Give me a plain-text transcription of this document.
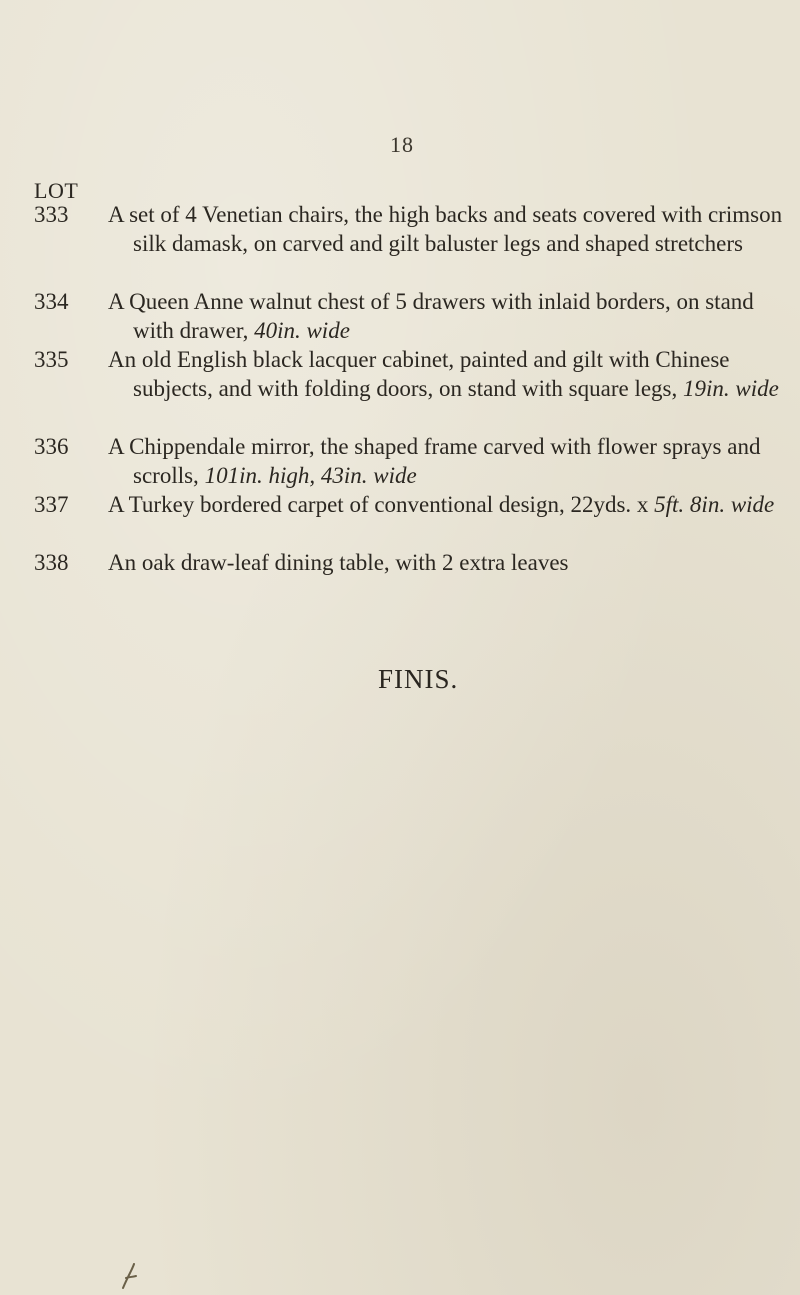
18
LOT
333 A set of 4 Venetian chairs, the high backs and seats covered with crimson silk damask, on carved and gilt baluster legs and shaped stretchers
334 A Queen Anne walnut chest of 5 drawers with inlaid borders, on stand with drawer, 40in. wide
335 An old English black lacquer cabinet, painted and gilt with Chinese subjects, and with folding doors, on stand with square legs, 19in. wide
336 A Chippendale mirror, the shaped frame carved with flower sprays and scrolls, 101in. high, 43in. wide
337 A Turkey bordered carpet of conventional design, 22yds. x 5ft. 8in. wide
338 An oak draw-leaf dining table, with 2 extra leaves
FINIS.
